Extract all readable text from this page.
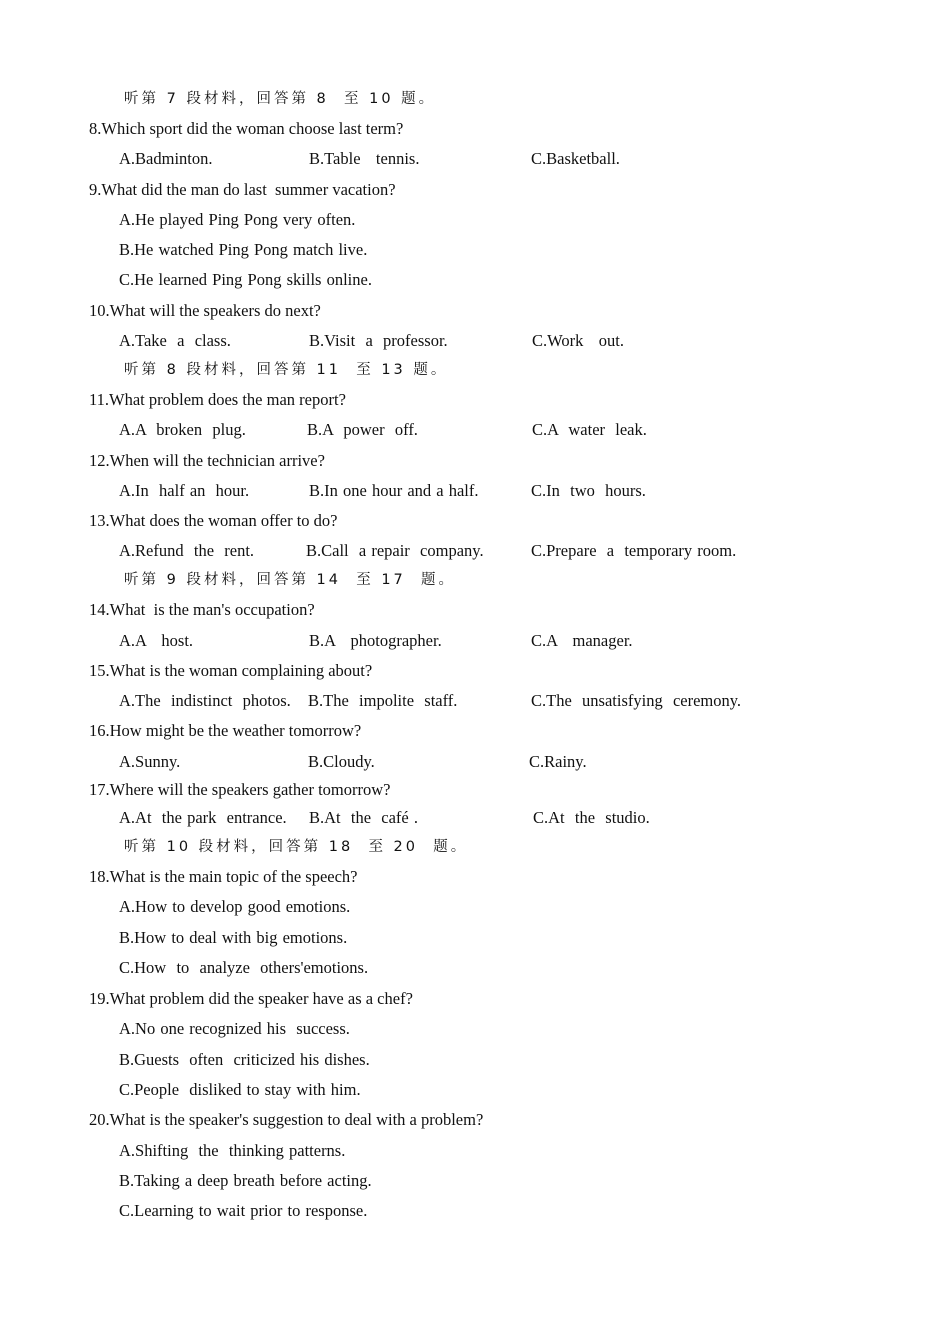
听第 7 段材料，回答第 8  至 10 题。
8.Which sport did the woman choose last term?
A.Badminton.	B.Table   tennis.	C.Basketball.
9.What did the man do last  summer vacation?
A.He played Ping Pong very often.
B.He watched Ping Pong match live.
C.He learned Ping Pong skills online.
10.What will the speakers do next?
A.Take  a  class.	B.Visit  a  professor.	C.Work   out.
听第 8 段材料，回答第 11  至 13 题。
11.What problem does the man report?
A.A  broken  plug.	B.A  power  off.	C.A  water  leak.
12.When will the technician arrive?
A.In  half an  hour.	B.In one hour and a half.	C.In  two  hours.
13.What does the woman offer to do?
A.Refund  the  rent.	B.Call  a repair  company.	C.Prepare  a  temporary room.
听第 9 段材料，回答第 14  至 17  题。
14.What  is the man's occupation?
A.A   host.	B.A   photographer.	C.A   manager.
15.What is the woman complaining about?
A.The  indistinct  photos. B.The  impolite  staff.	C.The  unsatisfying  ceremony.
16.How might be the weather tomorrow?
A.Sunny.	B.Cloudy.	C.Rainy.
17.Where will the speakers gather tomorrow?
A.At  the park  entrance. B.At  the  café .	C.At  the  studio.
听第 10 段材料，回答第 18  至 20  题。
18.What is the main topic of the speech?
A.How to develop good emotions.
B.How to deal with big emotions.
C.How  to  analyze  others'emotions.
19.What problem did the speaker have as a chef?
A.No one recognized his  success.
B.Guests  often  criticized his dishes.
C.People  disliked to stay with him.
20.What is the speaker's suggestion to deal with a problem?
A.Shifting  the  thinking patterns.
B.Taking a deep breath before acting.
C.Learning to wait prior to response.
